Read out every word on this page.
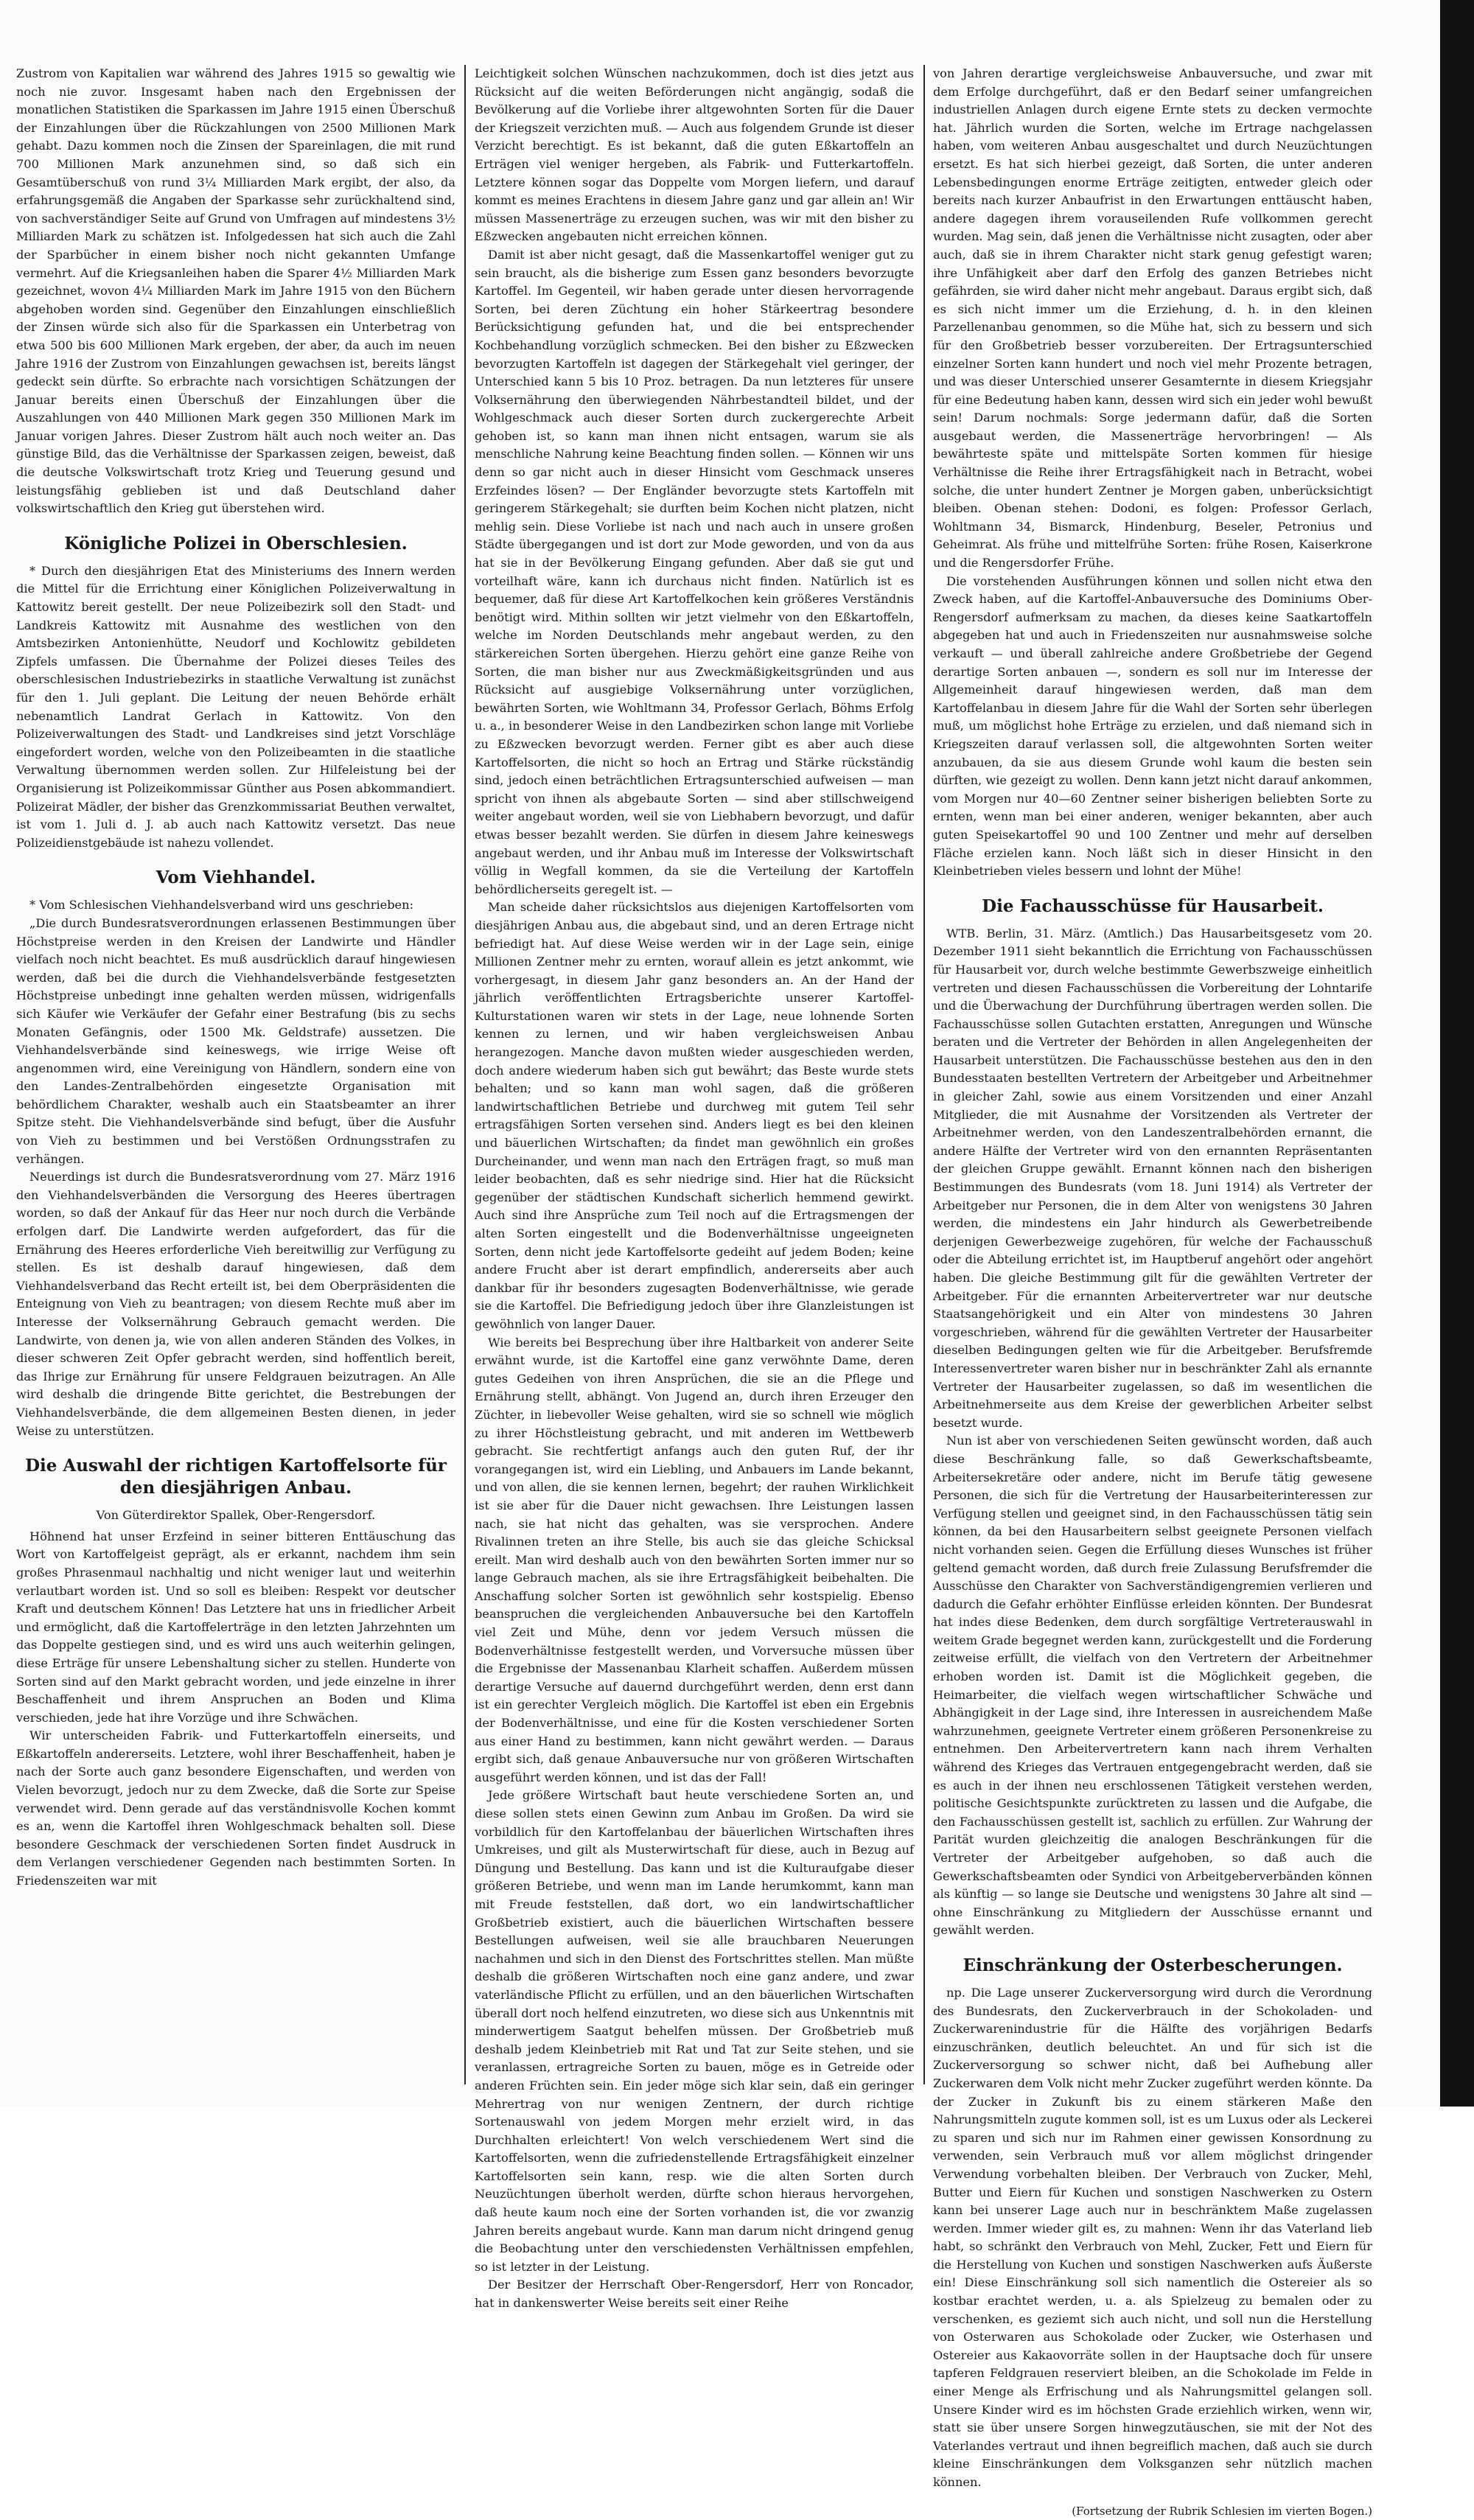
Zustrom von Kapitalien war während des Jahres 1915 so gewaltig wie noch nie zuvor. Insgesamt haben nach den Ergebnissen der monatlichen Statistiken die Sparkassen im Jahre 1915 einen Überschuß der Einzahlungen über die Rückzahlungen von 2500 Millionen Mark gehabt. Dazu kommen noch die Zinsen der Spareinlagen, die mit rund 700 Millionen Mark anzunehmen sind, so daß sich ein Gesamtüberschuß von rund 3¼ Milliarden Mark ergibt, der also, da erfahrungsgemäß die Angaben der Sparkasse sehr zurückhaltend sind, von sachverständiger Seite auf Grund von Umfragen auf mindestens 3½ Milliarden Mark zu schätzen ist. Infolgedessen hat sich auch die Zahl der Sparbücher in einem bisher noch nicht gekannten Umfange vermehrt. Auf die Kriegsanleihen haben die Sparer 4½ Milliarden Mark gezeichnet, wovon 4¼ Milliarden Mark im Jahre 1915 von den Büchern abgehoben worden sind. Gegenüber den Einzahlungen einschließlich der Zinsen würde sich also für die Sparkassen ein Unterbetrag von etwa 500 bis 600 Millionen Mark ergeben, der aber, da auch im neuen Jahre 1916 der Zustrom von Einzahlungen gewachsen ist, bereits längst gedeckt sein dürfte. So erbrachte nach vorsichtigen Schätzungen der Januar bereits einen Überschuß der Einzahlungen über die Auszahlungen von 440 Millionen Mark gegen 350 Millionen Mark im Januar vorigen Jahres. Dieser Zustrom hält auch noch weiter an. Das günstige Bild, das die Verhältnisse der Sparkassen zeigen, beweist, daß die deutsche Volkswirtschaft trotz Krieg und Teuerung gesund und leistungsfähig geblieben ist und daß Deutschland daher volkswirtschaftlich den Krieg gut überstehen wird.

Königliche Polizei in Oberschlesien.

* Durch den diesjährigen Etat des Ministeriums des Innern werden die Mittel für die Errichtung einer Königlichen Polizeiverwaltung in Kattowitz bereit gestellt. Der neue Polizeibezirk soll den Stadt- und Landkreis Kattowitz mit Ausnahme des westlichen von den Amtsbezirken Antonienhütte, Neudorf und Kochlowitz gebildeten Zipfels umfassen. Die Übernahme der Polizei dieses Teiles des oberschlesischen Industriebezirks in staatliche Verwaltung ist zunächst für den 1. Juli geplant. Die Leitung der neuen Behörde erhält nebenamtlich Landrat Gerlach in Kattowitz. Von den Polizeiverwaltungen des Stadt- und Landkreises sind jetzt Vorschläge eingefordert worden, welche von den Polizeibeamten in die staatliche Verwaltung übernommen werden sollen. Zur Hilfeleistung bei der Organisierung ist Polizeikommissar Günther aus Posen abkommandiert. Polizeirat Mädler, der bisher das Grenzkommissariat Beuthen verwaltet, ist vom 1. Juli d. J. ab auch nach Kattowitz versetzt. Das neue Polizeidienstgebäude ist nahezu vollendet.

Vom Viehhandel.

* Vom Schlesischen Viehhandelsverband wird uns geschrieben:

„Die durch Bundesratsverordnungen erlassenen Bestimmungen über Höchstpreise werden in den Kreisen der Landwirte und Händler vielfach noch nicht beachtet. Es muß ausdrücklich darauf hingewiesen werden, daß bei die durch die Viehhandelsverbände festgesetzten Höchstpreise unbedingt inne gehalten werden müssen, widrigenfalls sich Käufer wie Verkäufer der Gefahr einer Bestrafung (bis zu sechs Monaten Gefängnis, oder 1500 Mk. Geldstrafe) aussetzen. Die Viehhandelsverbände sind keineswegs, wie irrige Weise oft angenommen wird, eine Vereinigung von Händlern, sondern eine von den Landes-Zentralbehörden eingesetzte Organisation mit behördlichem Charakter, weshalb auch ein Staatsbeamter an ihrer Spitze steht. Die Viehhandelsverbände sind befugt, über die Ausfuhr von Vieh zu bestimmen und bei Verstößen Ordnungsstrafen zu verhängen.

Neuerdings ist durch die Bundesratsverordnung vom 27. März 1916 den Viehhandelsverbänden die Versorgung des Heeres übertragen worden, so daß der Ankauf für das Heer nur noch durch die Verbände erfolgen darf. Die Landwirte werden aufgefordert, das für die Ernährung des Heeres erforderliche Vieh bereitwillig zur Verfügung zu stellen. Es ist deshalb darauf hingewiesen, daß dem Viehhandelsverband das Recht erteilt ist, bei dem Oberpräsidenten die Enteignung von Vieh zu beantragen; von diesem Rechte muß aber im Interesse der Volksernährung Gebrauch gemacht werden. Die Landwirte, von denen ja, wie von allen anderen Ständen des Volkes, in dieser schweren Zeit Opfer gebracht werden, sind hoffentlich bereit, das Ihrige zur Ernährung für unsere Feldgrauen beizutragen. An Alle wird deshalb die dringende Bitte gerichtet, die Bestrebungen der Viehhandelsverbände, die dem allgemeinen Besten dienen, in jeder Weise zu unterstützen.

Die Auswahl der richtigen Kartoffelsorte für den diesjährigen Anbau.

Von Güterdirektor Spallek, Ober-Rengersdorf.

Höhnend hat unser Erzfeind in seiner bitteren Enttäuschung das Wort von Kartoffelgeist geprägt, als er erkannt, nachdem ihm sein großes Phrasenmaul nachhaltig und nicht weniger laut und weiterhin verlautbart worden ist. Und so soll es bleiben: Respekt vor deutscher Kraft und deutschem Können! Das Letztere hat uns in friedlicher Arbeit und ermöglicht, daß die Kartoffelerträge in den letzten Jahrzehnten um das Doppelte gestiegen sind, und es wird uns auch weiterhin gelingen, diese Erträge für unsere Lebenshaltung sicher zu stellen. Hunderte von Sorten sind auf den Markt gebracht worden, und jede einzelne in ihrer Beschaffenheit und ihrem Anspruchen an Boden und Klima verschieden, jede hat ihre Vorzüge und ihre Schwächen.

Wir unterscheiden Fabrik- und Futterkartoffeln einerseits, und Eßkartoffeln andererseits. Letztere, wohl ihrer Beschaffenheit, haben je nach der Sorte auch ganz besondere Eigenschaften, und werden von Vielen bevorzugt, jedoch nur zu dem Zwecke, daß die Sorte zur Speise verwendet wird. Denn gerade auf das verständnisvolle Kochen kommt es an, wenn die Kartoffel ihren Wohlgeschmack behalten soll. Diese besondere Geschmack der verschiedenen Sorten findet Ausdruck in dem Verlangen verschiedener Gegenden nach bestimmten Sorten. In Friedenszeiten war mit

Leichtigkeit solchen Wünschen nachzukommen, doch ist dies jetzt aus Rücksicht auf die weiten Beförderungen nicht angängig, sodaß die Bevölkerung auf die Vorliebe ihrer altgewohnten Sorten für die Dauer der Kriegszeit verzichten muß. — Auch aus folgendem Grunde ist dieser Verzicht berechtigt. Es ist bekannt, daß die guten Eßkartoffeln an Erträgen viel weniger hergeben, als Fabrik- und Futterkartoffeln. Letztere können sogar das Doppelte vom Morgen liefern, und darauf kommt es meines Erachtens in diesem Jahre ganz und gar allein an! Wir müssen Massenerträge zu erzeugen suchen, was wir mit den bisher zu Eßzwecken angebauten nicht erreichen können.

Damit ist aber nicht gesagt, daß die Massenkartoffel weniger gut zu sein braucht, als die bisherige zum Essen ganz besonders bevorzugte Kartoffel. Im Gegenteil, wir haben gerade unter diesen hervorragende Sorten, bei deren Züchtung ein hoher Stärkeertrag besondere Berücksichtigung gefunden hat, und die bei entsprechender Kochbehandlung vorzüglich schmecken. Bei den bisher zu Eßzwecken bevorzugten Kartoffeln ist dagegen der Stärkegehalt viel geringer, der Unterschied kann 5 bis 10 Proz. betragen. Da nun letzteres für unsere Volksernährung den überwiegenden Nährbestandteil bildet, und der Wohlgeschmack auch dieser Sorten durch zuckergerechte Arbeit gehoben ist, so kann man ihnen nicht entsagen, warum sie als menschliche Nahrung keine Beachtung finden sollen. — Können wir uns denn so gar nicht auch in dieser Hinsicht vom Geschmack unseres Erzfeindes lösen? — Der Engländer bevorzugte stets Kartoffeln mit geringerem Stärkegehalt; sie durften beim Kochen nicht platzen, nicht mehlig sein. Diese Vorliebe ist nach und nach auch in unsere großen Städte übergegangen und ist dort zur Mode geworden, und von da aus hat sie in der Bevölkerung Eingang gefunden. Aber daß sie gut und vorteilhaft wäre, kann ich durchaus nicht finden. Natürlich ist es bequemer, daß für diese Art Kartoffelkochen kein größeres Verständnis benötigt wird. Mithin sollten wir jetzt vielmehr von den Eßkartoffeln, welche im Norden Deutschlands mehr angebaut werden, zu den stärkereichen Sorten übergehen. Hierzu gehört eine ganze Reihe von Sorten, die man bisher nur aus Zweckmäßigkeitsgründen und aus Rücksicht auf ausgiebige Volksernährung unter vorzüglichen, bewährten Sorten, wie Wohltmann 34, Professor Gerlach, Böhms Erfolg u. a., in besonderer Weise in den Landbezirken schon lange mit Vorliebe zu Eßzwecken bevorzugt werden. Ferner gibt es aber auch diese Kartoffelsorten, die nicht so hoch an Ertrag und Stärke rückständig sind, jedoch einen beträchtlichen Ertragsunterschied aufweisen — man spricht von ihnen als abgebaute Sorten — sind aber stillschweigend weiter angebaut worden, weil sie von Liebhabern bevorzugt, und dafür etwas besser bezahlt werden. Sie dürfen in diesem Jahre keineswegs angebaut werden, und ihr Anbau muß im Interesse der Volkswirtschaft völlig in Wegfall kommen, da sie die Verteilung der Kartoffeln behördlicherseits geregelt ist. —

Man scheide daher rücksichtslos aus diejenigen Kartoffelsorten vom diesjährigen Anbau aus, die abgebaut sind, und an deren Ertrage nicht befriedigt hat. Auf diese Weise werden wir in der Lage sein, einige Millionen Zentner mehr zu ernten, worauf allein es jetzt ankommt, wie vorhergesagt, in diesem Jahr ganz besonders an. An der Hand der jährlich veröffentlichten Ertragsberichte unserer Kartoffel-Kulturstationen waren wir stets in der Lage, neue lohnende Sorten kennen zu lernen, und wir haben vergleichsweisen Anbau herangezogen. Manche davon mußten wieder ausgeschieden werden, doch andere wiederum haben sich gut bewährt; das Beste wurde stets behalten; und so kann man wohl sagen, daß die größeren landwirtschaftlichen Betriebe und durchweg mit gutem Teil sehr ertragsfähigen Sorten versehen sind. Anders liegt es bei den kleinen und bäuerlichen Wirtschaften; da findet man gewöhnlich ein großes Durcheinander, und wenn man nach den Erträgen fragt, so muß man leider beobachten, daß es sehr niedrige sind. Hier hat die Rücksicht gegenüber der städtischen Kundschaft sicherlich hemmend gewirkt. Auch sind ihre Ansprüche zum Teil noch auf die Ertragsmengen der alten Sorten eingestellt und die Bodenverhältnisse ungeeigneten Sorten, denn nicht jede Kartoffelsorte gedeiht auf jedem Boden; keine andere Frucht aber ist derart empfindlich, andererseits aber auch dankbar für ihr besonders zugesagten Bodenverhältnisse, wie gerade sie die Kartoffel. Die Befriedigung jedoch über ihre Glanzleistungen ist gewöhnlich von langer Dauer.

Wie bereits bei Besprechung über ihre Haltbarkeit von anderer Seite erwähnt wurde, ist die Kartoffel eine ganz verwöhnte Dame, deren gutes Gedeihen von ihren Ansprüchen, die sie an die Pflege und Ernährung stellt, abhängt. Von Jugend an, durch ihren Erzeuger den Züchter, in liebevoller Weise gehalten, wird sie so schnell wie möglich zu ihrer Höchstleistung gebracht, und mit anderen im Wettbewerb gebracht. Sie rechtfertigt anfangs auch den guten Ruf, der ihr vorangegangen ist, wird ein Liebling, und Anbauers im Lande bekannt, und von allen, die sie kennen lernen, begehrt; der rauhen Wirklichkeit ist sie aber für die Dauer nicht gewachsen. Ihre Leistungen lassen nach, sie hat nicht das gehalten, was sie versprochen. Andere Rivalinnen treten an ihre Stelle, bis auch sie das gleiche Schicksal ereilt. Man wird deshalb auch von den bewährten Sorten immer nur so lange Gebrauch machen, als sie ihre Ertragsfähigkeit beibehalten. Die Anschaffung solcher Sorten ist gewöhnlich sehr kostspielig. Ebenso beanspruchen die vergleichenden Anbauversuche bei den Kartoffeln viel Zeit und Mühe, denn vor jedem Versuch müssen die Bodenverhältnisse festgestellt werden, und Vorversuche müssen über die Ergebnisse der Massenanbau Klarheit schaffen. Außerdem müssen derartige Versuche auf dauernd durchgeführt werden, denn erst dann ist ein gerechter Vergleich möglich. Die Kartoffel ist eben ein Ergebnis der Bodenverhältnisse, und eine für die Kosten verschiedener Sorten aus einer Hand zu bestimmen, kann nicht gewährt werden. — Daraus ergibt sich, daß genaue Anbauversuche nur von größeren Wirtschaften ausgeführt werden können, und ist das der Fall!

Jede größere Wirtschaft baut heute verschiedene Sorten an, und diese sollen stets einen Gewinn zum Anbau im Großen. Da wird sie vorbildlich für den Kartoffelanbau der bäuerlichen Wirtschaften ihres Umkreises, und gilt als Musterwirtschaft für diese, auch in Bezug auf Düngung und Bestellung. Das kann und ist die Kulturaufgabe dieser größeren Betriebe, und wenn man im Lande herumkommt, kann man mit Freude feststellen, daß dort, wo ein landwirtschaftlicher Großbetrieb existiert, auch die bäuerlichen Wirtschaften bessere Bestellungen aufweisen, weil sie alle brauchbaren Neuerungen nachahmen und sich in den Dienst des Fortschrittes stellen. Man müßte deshalb die größeren Wirtschaften noch eine ganz andere, und zwar vaterländische Pflicht zu erfüllen, und an den bäuerlichen Wirtschaften überall dort noch helfend einzutreten, wo diese sich aus Unkenntnis mit minderwertigem Saatgut behelfen müssen. Der Großbetrieb muß deshalb jedem Kleinbetrieb mit Rat und Tat zur Seite stehen, und sie veranlassen, ertragreiche Sorten zu bauen, möge es in Getreide oder anderen Früchten sein. Ein jeder möge sich klar sein, daß ein geringer Mehrertrag von nur wenigen Zentnern, der durch richtige Sortenauswahl von jedem Morgen mehr erzielt wird, in das Durchhalten erleichtert! Von welch verschiedenem Wert sind die Kartoffelsorten, wenn die zufriedenstellende Ertragsfähigkeit einzelner Kartoffelsorten sein kann, resp. wie die alten Sorten durch Neuzüchtungen überholt werden, dürfte schon hieraus hervorgehen, daß heute kaum noch eine der Sorten vorhanden ist, die vor zwanzig Jahren bereits angebaut wurde. Kann man darum nicht dringend genug die Beobachtung unter den verschiedensten Verhältnissen empfehlen, so ist letzter in der Leistung.

Der Besitzer der Herrschaft Ober-Rengersdorf, Herr von Roncador, hat in dankenswerter Weise bereits seit einer Reihe

von Jahren derartige vergleichsweise Anbauversuche, und zwar mit dem Erfolge durchgeführt, daß er den Bedarf seiner umfangreichen industriellen Anlagen durch eigene Ernte stets zu decken vermochte hat. Jährlich wurden die Sorten, welche im Ertrage nachgelassen haben, vom weiteren Anbau ausgeschaltet und durch Neuzüchtungen ersetzt. Es hat sich hierbei gezeigt, daß Sorten, die unter anderen Lebensbedingungen enorme Erträge zeitigten, entweder gleich oder bereits nach kurzer Anbaufrist in den Erwartungen enttäuscht haben, andere dagegen ihrem vorauseilenden Rufe vollkommen gerecht wurden. Mag sein, daß jenen die Verhältnisse nicht zusagten, oder aber auch, daß sie in ihrem Charakter nicht stark genug gefestigt waren; ihre Unfähigkeit aber darf den Erfolg des ganzen Betriebes nicht gefährden, sie wird daher nicht mehr angebaut. Daraus ergibt sich, daß es sich nicht immer um die Erziehung, d. h. in den kleinen Parzellenanbau genommen, so die Mühe hat, sich zu bessern und sich für den Großbetrieb besser vorzubereiten. Der Ertragsunterschied einzelner Sorten kann hundert und noch viel mehr Prozente betragen, und was dieser Unterschied unserer Gesamternte in diesem Kriegsjahr für eine Bedeutung haben kann, dessen wird sich ein jeder wohl bewußt sein! Darum nochmals: Sorge jedermann dafür, daß die Sorten ausgebaut werden, die Massenerträge hervorbringen! — Als bewährteste späte und mittelspäte Sorten kommen für hiesige Verhältnisse die Reihe ihrer Ertragsfähigkeit nach in Betracht, wobei solche, die unter hundert Zentner je Morgen gaben, unberücksichtigt bleiben. Obenan stehen: Dodoni, es folgen: Professor Gerlach, Wohltmann 34, Bismarck, Hindenburg, Beseler, Petronius und Geheimrat. Als frühe und mittelfrühe Sorten: frühe Rosen, Kaiserkrone und die Rengersdorfer Frühe.

Die vorstehenden Ausführungen können und sollen nicht etwa den Zweck haben, auf die Kartoffel-Anbauversuche des Dominiums Ober-Rengersdorf aufmerksam zu machen, da dieses keine Saatkartoffeln abgegeben hat und auch in Friedenszeiten nur ausnahmsweise solche verkauft — und überall zahlreiche andere Großbetriebe der Gegend derartige Sorten anbauen —, sondern es soll nur im Interesse der Allgemeinheit darauf hingewiesen werden, daß man dem Kartoffelanbau in diesem Jahre für die Wahl der Sorten sehr überlegen muß, um möglichst hohe Erträge zu erzielen, und daß niemand sich in Kriegszeiten darauf verlassen soll, die altgewohnten Sorten weiter anzubauen, da sie aus diesem Grunde wohl kaum die besten sein dürften, wie gezeigt zu wollen. Denn kann jetzt nicht darauf ankommen, vom Morgen nur 40—60 Zentner seiner bisherigen beliebten Sorte zu ernten, wenn man bei einer anderen, weniger bekannten, aber auch guten Speisekartoffel 90 und 100 Zentner und mehr auf derselben Fläche erzielen kann. Noch läßt sich in dieser Hinsicht in den Kleinbetrieben vieles bessern und lohnt der Mühe!

Die Fachausschüsse für Hausarbeit.

WTB. Berlin, 31. März. (Amtlich.) Das Hausarbeitsgesetz vom 20. Dezember 1911 sieht bekanntlich die Errichtung von Fachausschüssen für Hausarbeit vor, durch welche bestimmte Gewerbszweige einheitlich vertreten und diesen Fachausschüssen die Vorbereitung der Lohntarife und die Überwachung der Durchführung übertragen werden sollen. Die Fachausschüsse sollen Gutachten erstatten, Anregungen und Wünsche beraten und die Vertreter der Behörden in allen Angelegenheiten der Hausarbeit unterstützen. Die Fachausschüsse bestehen aus den in den Bundesstaaten bestellten Vertretern der Arbeitgeber und Arbeitnehmer in gleicher Zahl, sowie aus einem Vorsitzenden und einer Anzahl Mitglieder, die mit Ausnahme der Vorsitzenden als Vertreter der Arbeitnehmer werden, von den Landeszentralbehörden ernannt, die andere Hälfte der Vertreter wird von den ernannten Repräsentanten der gleichen Gruppe gewählt. Ernannt können nach den bisherigen Bestimmungen des Bundesrats (vom 18. Juni 1914) als Vertreter der Arbeitgeber nur Personen, die in dem Alter von wenigstens 30 Jahren werden, die mindestens ein Jahr hindurch als Gewerbetreibende derjenigen Gewerbezweige zugehören, für welche der Fachausschuß oder die Abteilung errichtet ist, im Hauptberuf angehört oder angehört haben. Die gleiche Bestimmung gilt für die gewählten Vertreter der Arbeitgeber. Für die ernannten Arbeitervertreter war nur deutsche Staatsangehörigkeit und ein Alter von mindestens 30 Jahren vorgeschrieben, während für die gewählten Vertreter der Hausarbeiter dieselben Bedingungen gelten wie für die Arbeitgeber. Berufsfremde Interessenvertreter waren bisher nur in beschränkter Zahl als ernannte Vertreter der Hausarbeiter zugelassen, so daß im wesentlichen die Arbeitnehmerseite aus dem Kreise der gewerblichen Arbeiter selbst besetzt wurde.

Nun ist aber von verschiedenen Seiten gewünscht worden, daß auch diese Beschränkung falle, so daß Gewerkschaftsbeamte, Arbeitersekretäre oder andere, nicht im Berufe tätig gewesene Personen, die sich für die Vertretung der Hausarbeiterinteressen zur Verfügung stellen und geeignet sind, in den Fachausschüssen tätig sein können, da bei den Hausarbeitern selbst geeignete Personen vielfach nicht vorhanden seien. Gegen die Erfüllung dieses Wunsches ist früher geltend gemacht worden, daß durch freie Zulassung Berufsfremder die Ausschüsse den Charakter von Sachverständigengremien verlieren und dadurch die Gefahr erhöhter Einflüsse erleiden könnten. Der Bundesrat hat indes diese Bedenken, dem durch sorgfältige Vertreterauswahl in weitem Grade begegnet werden kann, zurückgestellt und die Forderung zeitweise erfüllt, die vielfach von den Vertretern der Arbeitnehmer erhoben worden ist. Damit ist die Möglichkeit gegeben, die Heimarbeiter, die vielfach wegen wirtschaftlicher Schwäche und Abhängigkeit in der Lage sind, ihre Interessen in ausreichendem Maße wahrzunehmen, geeignete Vertreter einem größeren Personenkreise zu entnehmen. Den Arbeitervertretern kann nach ihrem Verhalten während des Krieges das Vertrauen entgegengebracht werden, daß sie es auch in der ihnen neu erschlossenen Tätigkeit verstehen werden, politische Gesichtspunkte zurücktreten zu lassen und die Aufgabe, die den Fachausschüssen gestellt ist, sachlich zu erfüllen. Zur Wahrung der Parität wurden gleichzeitig die analogen Beschränkungen für die Vertreter der Arbeitgeber aufgehoben, so daß auch die Gewerkschaftsbeamten oder Syndici von Arbeitgeberverbänden können als künftig — so lange sie Deutsche und wenigstens 30 Jahre alt sind — ohne Einschränkung zu Mitgliedern der Ausschüsse ernannt und gewählt werden.

Einschränkung der Osterbescherungen.

np. Die Lage unserer Zuckerversorgung wird durch die Verordnung des Bundesrats, den Zuckerverbrauch in der Schokoladen- und Zuckerwarenindustrie für die Hälfte des vorjährigen Bedarfs einzuschränken, deutlich beleuchtet. An und für sich ist die Zuckerversorgung so schwer nicht, daß bei Aufhebung aller Zuckerwaren dem Volk nicht mehr Zucker zugeführt werden könnte. Da der Zucker in Zukunft bis zu einem stärkeren Maße den Nahrungsmitteln zugute kommen soll, ist es um Luxus oder als Leckerei zu sparen und sich nur im Rahmen einer gewissen Konsordnung zu verwenden, sein Verbrauch muß vor allem möglichst dringender Verwendung vorbehalten bleiben. Der Verbrauch von Zucker, Mehl, Butter und Eiern für Kuchen und sonstigen Naschwerken zu Ostern kann bei unserer Lage auch nur in beschränktem Maße zugelassen werden. Immer wieder gilt es, zu mahnen: Wenn ihr das Vaterland lieb habt, so schränkt den Verbrauch von Mehl, Zucker, Fett und Eiern für die Herstellung von Kuchen und sonstigen Naschwerken aufs Äußerste ein! Diese Einschränkung soll sich namentlich die Ostereier als so kostbar erachtet werden, u. a. als Spielzeug zu bemalen oder zu verschenken, es geziemt sich auch nicht, und soll nun die Herstellung von Osterwaren aus Schokolade oder Zucker, wie Osterhasen und Ostereier aus Kakaovorräte sollen in der Hauptsache doch für unsere tapferen Feldgrauen reserviert bleiben, an die Schokolade im Felde in einer Menge als Erfrischung und als Nahrungsmittel gelangen soll. Unsere Kinder wird es im höchsten Grade erziehlich wirken, wenn wir, statt sie über unsere Sorgen hinwegzutäuschen, sie mit der Not des Vaterlandes vertraut und ihnen begreiflich machen, daß auch sie durch kleine Einschränkungen dem Volksganzen sehr nützlich machen können.

(Fortsetzung der Rubrik Schlesien im vierten Bogen.)
